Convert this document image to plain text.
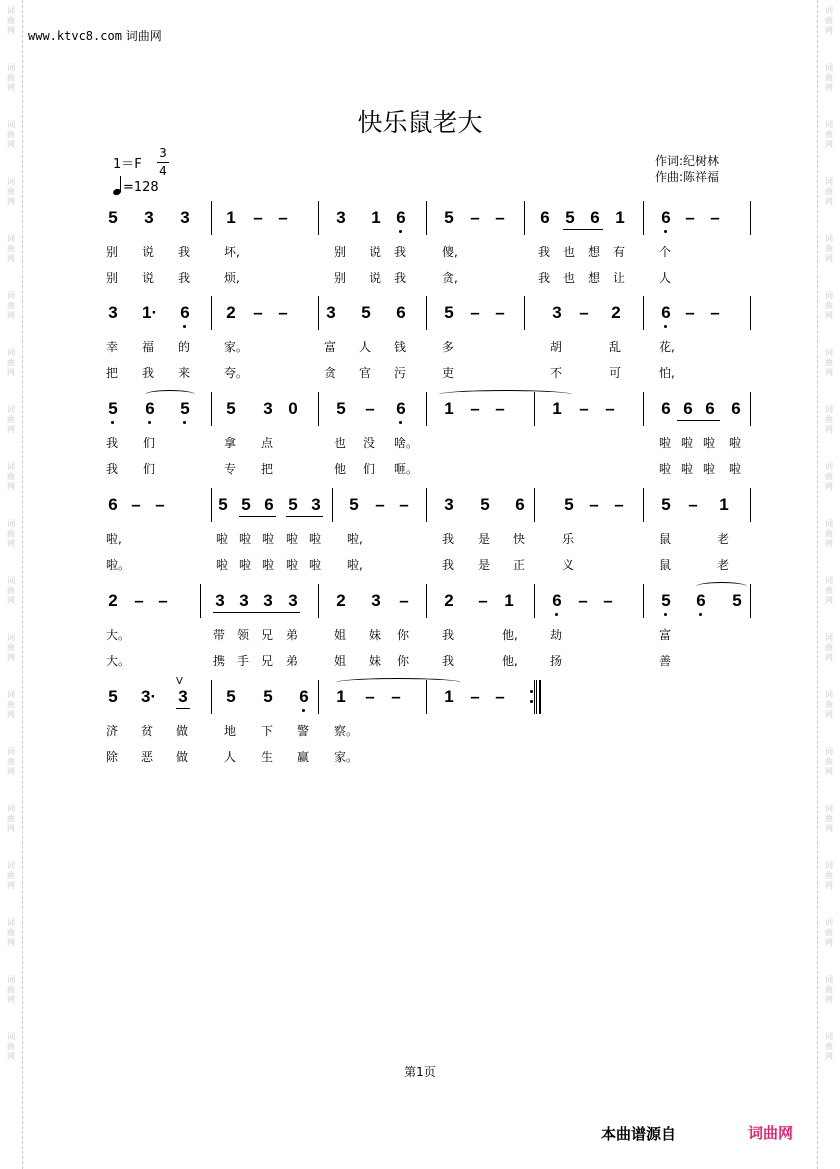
词
曲
网
词
曲
网
词
曲
网
词
曲
网
词
曲
网
词
曲
网
词
曲
网
词
曲
网
词
曲
网
词
曲
网
词
曲
网
词
曲
网
词
曲
网
词
曲
网
词
曲
网
词
曲
网
词
曲
网
词
曲
网
词
曲
网
词
曲
网
词
曲
网
词
曲
网
词
曲
网
词
曲
网
词
曲
网
词
曲
网
词
曲
网
词
曲
网
词
曲
网
词
曲
网
词
曲
网
词
曲
网
词
曲
网
词
曲
网
词
曲
网
词
曲
网
词
曲
网
词
曲
网
www.ktvc8.com 词曲网
快乐鼠老大
1＝F
3
4
=128
作词:纪树林
作曲:陈祥福
5 3 3 1 – –	3 1 6 5 – – 6 5 6 1 6 – –
别 说 我	坏,	别 说 我	傻,	我 也 想 有	个
别 说 我	烦,	别 说 我	贪,	我 也 想 让	人
3 1· 6 2 – – 3 5 6 5 – –	3 – 2 6 – –
幸 福 的	家。	富 人 钱	多	胡	乱	花,
把 我 来	夸。	贪 官 污	吏	不	可	怕,
5 6 5 5 3 0 5 – 6 1 – –	1 – –	6 6 6 6
我 们	拿 点	也 没 啥。	啦 啦 啦 啦
我 们	专 把	他 们 咂。	啦 啦 啦 啦
6 – –	5 5 6 5 3 5 – – 3 5 6 5 – – 5 – 1
啦,	啦 啦 啦 啦 啦 啦,	我 是 快	乐	鼠	老
啦。	啦 啦 啦 啦 啦 啦,	我 是 正	义	鼠	老
2 – –	3 3 3 3 2 3 – 2 – 1 6 – –	5 6 5
大。	带 领 兄 弟	姐 妹 你	我	他,	劫	富
大。	携 手 兄 弟	姐 妹 你	我	他,	扬	善
5 3· 3 5 5 6 1 – –	1 – –
V
济 贫 做	地 下 警 察。
除 恶 做	人 生 赢 家。
第1页
本曲谱源自	词曲网
